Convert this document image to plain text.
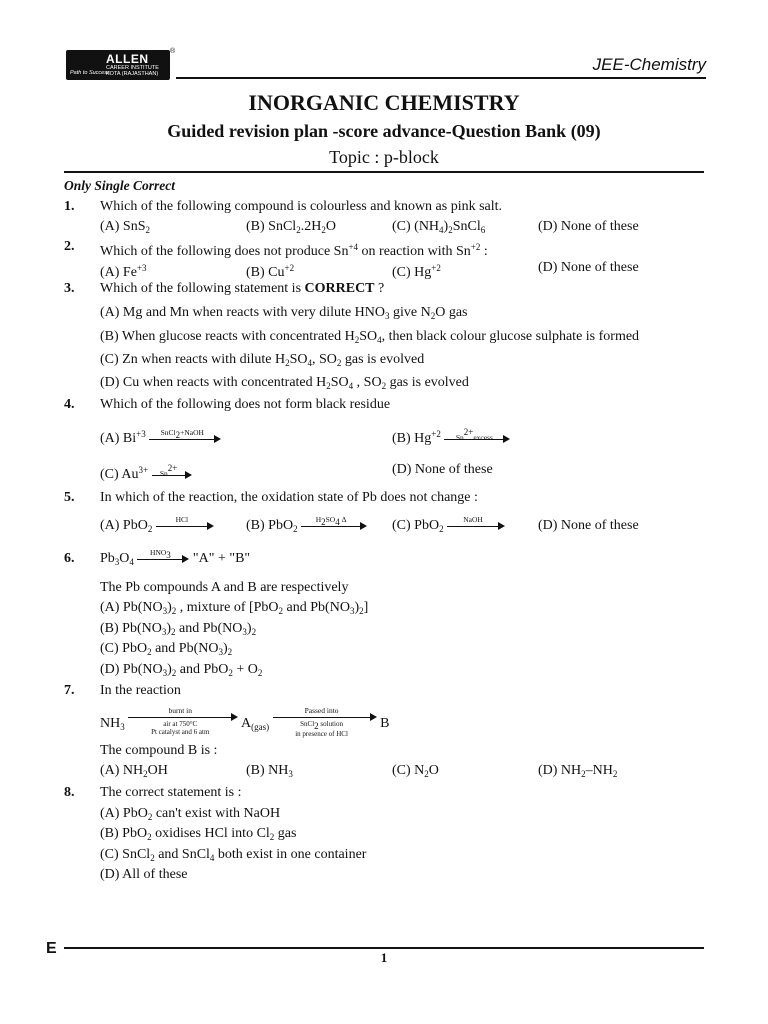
ALLEN
CAREER INSTITUTE
KOTA (RAJASTHAN)
Path to Success
®
JEE-Chemistry
INORGANIC CHEMISTRY
Guided revision plan -score advance-Question Bank (09)
Topic : p-block
Only Single Correct
1. Which of the following compound is colourless and known as pink salt.
(A) SnS$_2$	(B) $SnCl_2.2H_2O$	(C) $(NH_4)_2SnCl_6$	(D) None of these
2. Which of the following does not produce $Sn^{+4}$ on reaction with $Sn^{+2}$ :
(A) $Fe^{+3}$	(B) $Cu^{+2}$	(C) $Hg^{+2}$	(D) None of these
3. Which of the following statement is CORRECT ?
(A) Mg and Mn when reacts with very dilute $HNO_3$ give $N_2O$ gas
(B) When glucose reacts with concentrated $H_2SO_4$, then black colour glucose sulphate is formed
(C) Zn when reacts with dilute $H_2SO_4$, $SO_2$ gas is evolved
(D) Cu when reacts with concentrated $H_2SO_4$ , $SO_2$ gas is evolved
4. Which of the following does not form black residue
(A) $Bi^{+3}$	SnCl$_2$+NaOH	(B) $Hg^{+2}$	$Sn^{2+}excess$
(C) $Au^{3+}$	$Sn^{2+}$	(D) None of these
5. In which of the reaction, the oxidation state of Pb does not change :
(A) PbO$_2$
HCl	(B) PbO$_2$
$H_2SO_4$ Δ	(C) PbO$_2$
NaOH	(D) None of these
6. $Pb_3O_4$
$HNO_3$	"A" + "B"
The Pb compounds A and B are respectively
(A) $Pb(NO_3)_2$ , mixture of [PbO$_2$ and $Pb(NO_3)_2$]
(B) $Pb(NO_3)_2$ and $Pb(NO_3)_2$
(C) PbO$_2$ and $Pb(NO_3)_2$
(D) $Pb(NO_3)_2$ and $PbO_2 + O_2$
7. In the reaction
$NH_3$
burnt in
air at 750°C
Pt catalyst and 6 atm
$A_{(gas)}$
Passed into
SnCl$_2$ solution
in presence of HCl
B
The compound B is :
(A) $NH_2OH$	(B) $NH_3$	(C) $N_2O$	(D) $NH_2-NH_2$
8. The correct statement is :
(A) PbO$_2$ can't exist with NaOH
(B) PbO$_2$ oxidises HCl into $Cl_2$ gas
(C) SnCl$_2$ and SnCl$_4$ both exist in one container
(D) All of these
E
1
